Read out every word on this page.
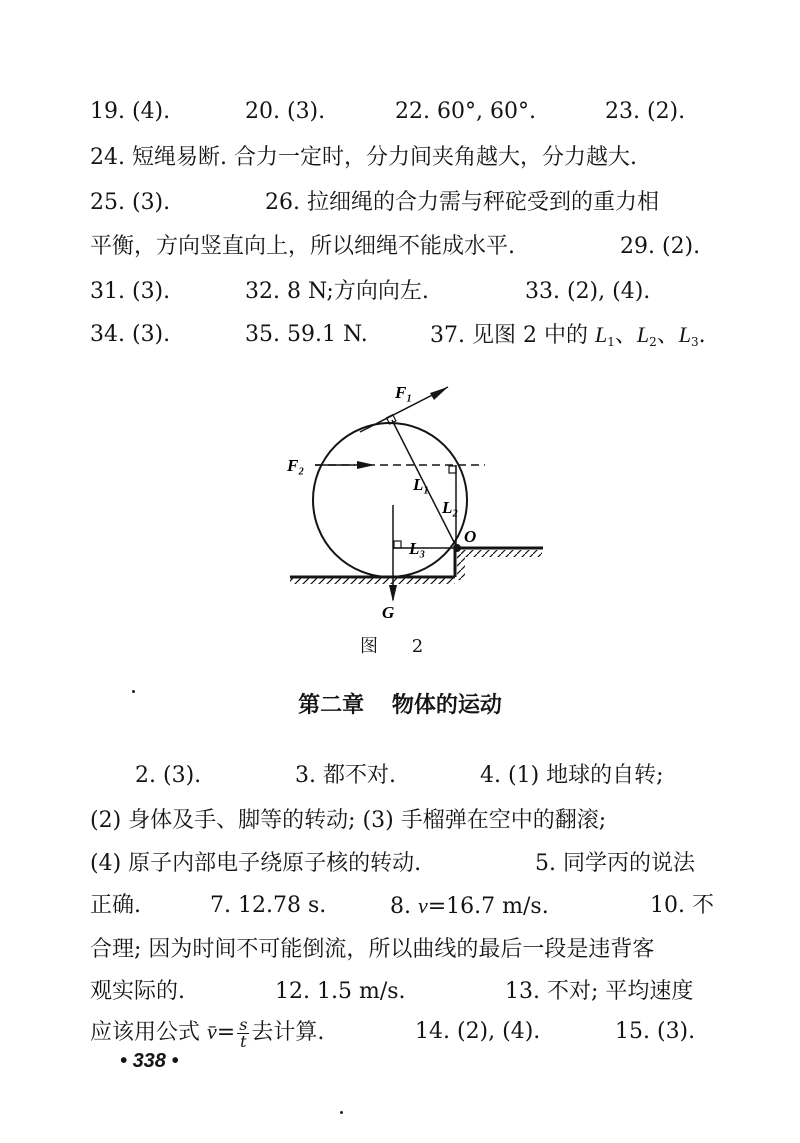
19. (4).	20. (3).	22. 60°, 60°.	23. (2).
24. 短绳易断. 合力一定时，分力间夹角越大，分力越大.
25. (3).	26. 拉细绳的合力需与秤砣受到的重力相
平衡，方向竖直向上，所以细绳不能成水平.	29. (2).
31. (3).	32. 8 N;方向向左.	33. (2), (4).
34. (3).	35. 59.1 N.	37. 见图 2 中的 $L_1$、$L_2$、$L_3$.
F₁
F₂
L₁
L₂
L₃
O
G
图 2
第二章 物体的运动
2. (3).	3. 都不对.	4. (1) 地球的自转;
(2) 身体及手、脚等的转动; (3) 手榴弹在空中的翻滚;
(4) 原子内部电子绕原子核的转动.	5. 同学丙的说法
正确.	7. 12.78 s.	8. v=16.7 m/s.	10. 不
合理; 因为时间不可能倒流，所以曲线的最后一段是违背客
观实际的.	12. 1.5 m/s.	13. 不对; 平均速度
应该用公式 v̄= $\frac{s}{t}$ 去计算.	14. (2), (4).	15. (3).
• 338 •
